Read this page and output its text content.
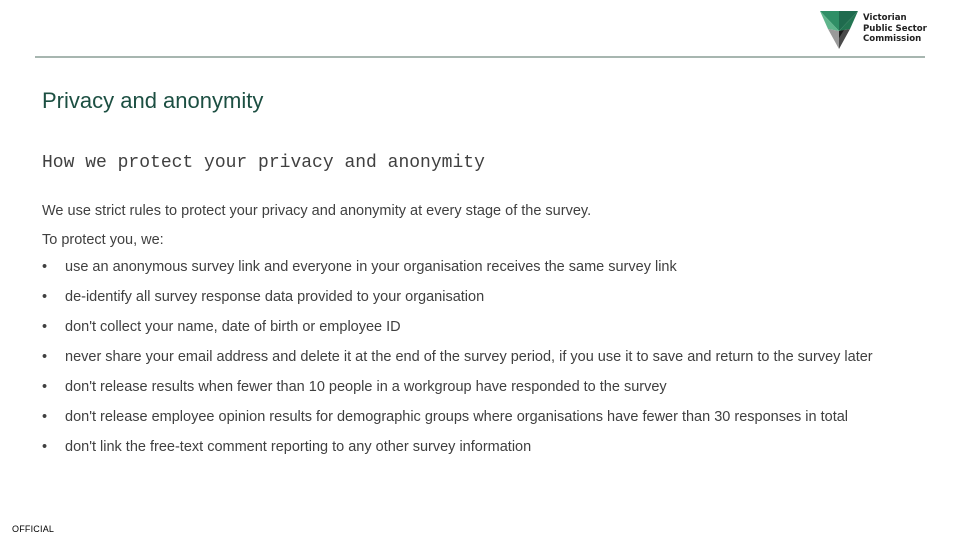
Victorian
Public Sector
Commission
Privacy and anonymity
How we protect your privacy and anonymity

We use strict rules to protect your privacy and anonymity at every stage of the survey.

To protect you, we:

• use an anonymous survey link and everyone in your organisation receives the same survey link
• de-identify all survey response data provided to your organisation
• don't collect your name, date of birth or employee ID
• never share your email address and delete it at the end of the survey period, if you use it to save and return to the survey later
• don't release results when fewer than 10 people in a workgroup have responded to the survey
• don't release employee opinion results for demographic groups where organisations have fewer than 30 responses in total
• don't link the free-text comment reporting to any other survey information
OFFICIAL
